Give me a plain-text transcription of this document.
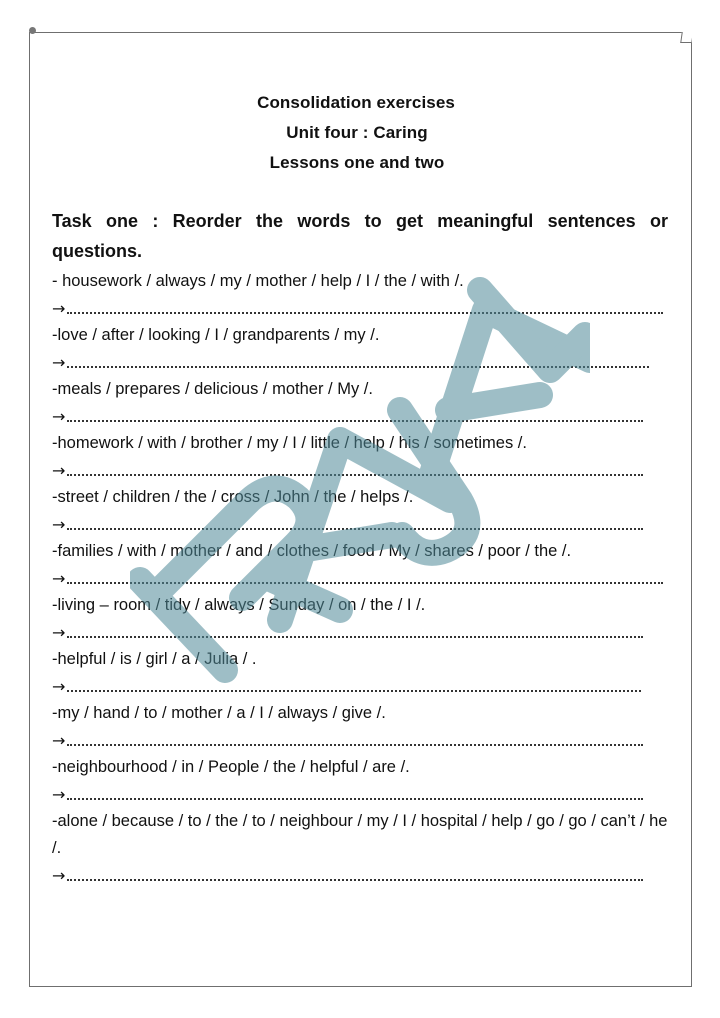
Consolidation exercises
Unit four : Caring
Lessons one and two
Task one : Reorder the words to get meaningful sentences or questions.
- housework / always / my / mother / help / I / the / with /.
→
-love / after / looking / I / grandparents / my /.
→
-meals / prepares / delicious / mother / My /.
→
-homework / with / brother / my / I / little / help / his / sometimes /.
→
-street / children / the / cross / John / the / helps /.
→
-families / with / mother / and / clothes / food / My / shares / poor / the /.
→
-living – room / tidy / always / Sunday / on / the / I /.
→
-helpful / is / girl / a / Julia / .
→
-my / hand / to / mother / a / I / always / give /.
→
-neighbourhood / in / People / the / helpful / are /.
→
-alone / because / to / the / to / neighbour / my / I / hospital / help / go / go / can’t / he /.
→
